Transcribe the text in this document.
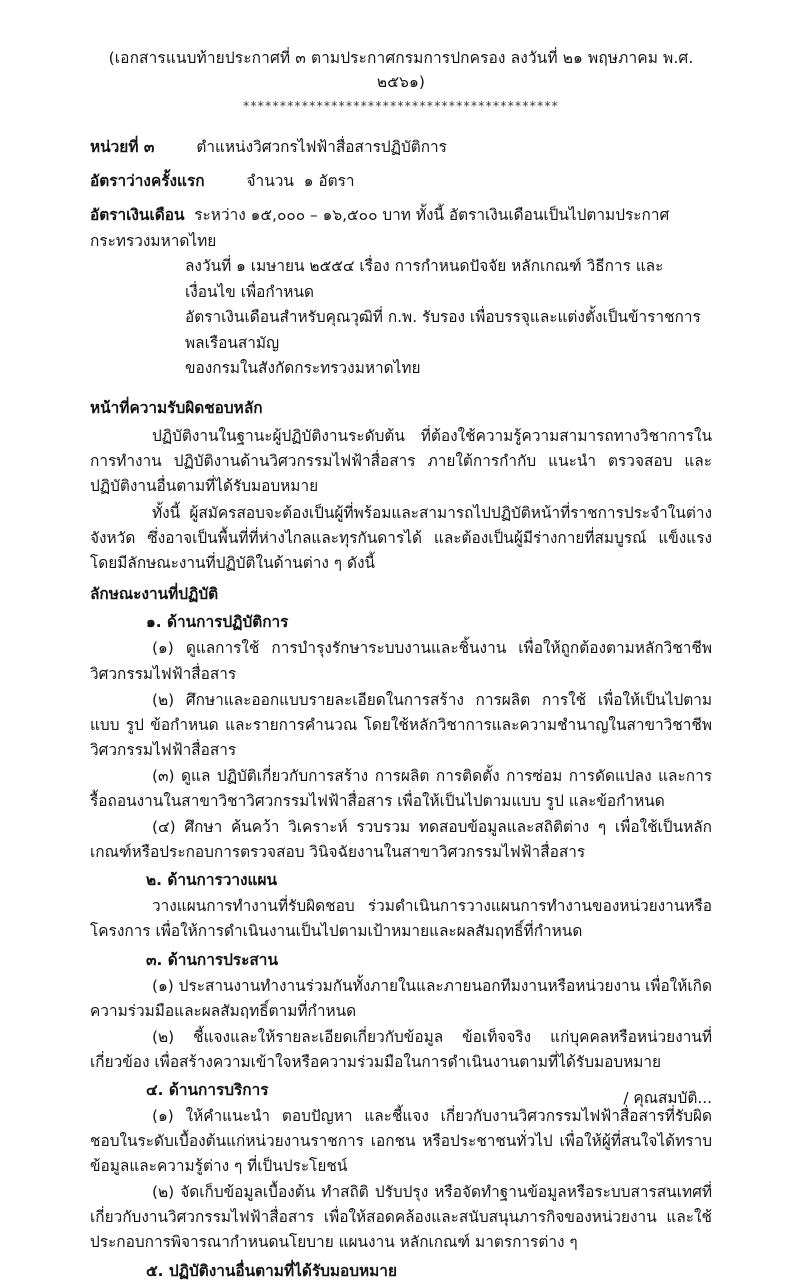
(เอกสารแนบท้ายประกาศที่ ๓ ตามประกาศกรมการปกครอง ลงวันที่ ๒๑ พฤษภาคม พ.ศ. ๒๕๖๑)
*******************************************
หน่วยที่ ๓	ตำแหน่งวิศวกรไฟฟ้าสื่อสารปฏิบัติการ
อัตราว่างครั้งแรก	จำนวน ๑ อัตรา
อัตราเงินเดือน ระหว่าง ๑๕,๐๐๐ – ๑๖,๕๐๐ บาท ทั้งนี้ อัตราเงินเดือนเป็นไปตามประกาศกระทรวงมหาดไทย
ลงวันที่ ๑ เมษายน ๒๕๕๔ เรื่อง การกำหนดปัจจัย หลักเกณฑ์ วิธีการ และเงื่อนไข เพื่อกำหนด
อัตราเงินเดือนสำหรับคุณวุฒิที่ ก.พ. รับรอง เพื่อบรรจุและแต่งตั้งเป็นข้าราชการพลเรือนสามัญ
ของกรมในสังกัดกระทรวงมหาดไทย
หน้าที่ความรับผิดชอบหลัก

ปฏิบัติงานในฐานะผู้ปฏิบัติงานระดับต้น ที่ต้องใช้ความรู้ความสามารถทางวิชาการในการทำงาน ปฏิบัติงานด้านวิศวกรรมไฟฟ้าสื่อสาร ภายใต้การกำกับ แนะนำ ตรวจสอบ และปฏิบัติงานอื่นตามที่ได้รับมอบหมาย

ทั้งนี้ ผู้สมัครสอบจะต้องเป็นผู้ที่พร้อมและสามารถไปปฏิบัติหน้าที่ราชการประจำในต่างจังหวัด ซึ่งอาจเป็นพื้นที่ที่ห่างไกลและทุรกันดารได้ และต้องเป็นผู้มีร่างกายที่สมบูรณ์ แข็งแรง โดยมีลักษณะงานที่ปฏิบัติในด้านต่าง ๆ ดังนี้

ลักษณะงานที่ปฏิบัติ
๑. ด้านการปฏิบัติการ

(๑) ดูแลการใช้ การบำรุงรักษาระบบงานและชิ้นงาน เพื่อให้ถูกต้องตามหลักวิชาชีพวิศวกรรมไฟฟ้าสื่อสาร

(๒) ศึกษาและออกแบบรายละเอียดในการสร้าง การผลิต การใช้ เพื่อให้เป็นไปตามแบบ รูป ข้อกำหนด และรายการคำนวณ โดยใช้หลักวิชาการและความชำนาญในสาขาวิชาชีพวิศวกรรมไฟฟ้าสื่อสาร

(๓) ดูแล ปฏิบัติเกี่ยวกับการสร้าง การผลิต การติดตั้ง การซ่อม การดัดแปลง และการรื้อถอนงานในสาขาวิชาวิศวกรรมไฟฟ้าสื่อสาร เพื่อให้เป็นไปตามแบบ รูป และข้อกำหนด

(๔) ศึกษา ค้นคว้า วิเคราะห์ รวบรวม ทดสอบข้อมูลและสถิติต่าง ๆ เพื่อใช้เป็นหลักเกณฑ์หรือประกอบการตรวจสอบ วินิจฉัยงานในสาขาวิศวกรรมไฟฟ้าสื่อสาร

๒. ด้านการวางแผน

วางแผนการทำงานที่รับผิดชอบ ร่วมดำเนินการวางแผนการทำงานของหน่วยงานหรือโครงการ เพื่อให้การดำเนินงานเป็นไปตามเป้าหมายและผลสัมฤทธิ์ที่กำหนด

๓. ด้านการประสาน

(๑) ประสานงานทำงานร่วมกันทั้งภายในและภายนอกทีมงานหรือหน่วยงาน เพื่อให้เกิดความร่วมมือและผลสัมฤทธิ์ตามที่กำหนด

(๒) ชี้แจงและให้รายละเอียดเกี่ยวกับข้อมูล ข้อเท็จจริง แก่บุคคลหรือหน่วยงานที่เกี่ยวข้อง เพื่อสร้างความเข้าใจหรือความร่วมมือในการดำเนินงานตามที่ได้รับมอบหมาย

๔. ด้านการบริการ

(๑) ให้คำแนะนำ ตอบปัญหา และชี้แจง เกี่ยวกับงานวิศวกรรมไฟฟ้าสื่อสารที่รับผิดชอบในระดับเบื้องต้นแก่หน่วยงานราชการ เอกชน หรือประชาชนทั่วไป เพื่อให้ผู้ที่สนใจได้ทราบข้อมูลและความรู้ต่าง ๆ ที่เป็นประโยชน์

(๒) จัดเก็บข้อมูลเบื้องต้น ทำสถิติ ปรับปรุง หรือจัดทำฐานข้อมูลหรือระบบสารสนเทศที่เกี่ยวกับงานวิศวกรรมไฟฟ้าสื่อสาร เพื่อให้สอดคล้องและสนับสนุนภารกิจของหน่วยงาน และใช้ประกอบการพิจารณากำหนดนโยบาย แผนงาน หลักเกณฑ์ มาตรการต่าง ๆ

๕. ปฏิบัติงานอื่นตามที่ได้รับมอบหมาย
/ คุณสมบัติ...
